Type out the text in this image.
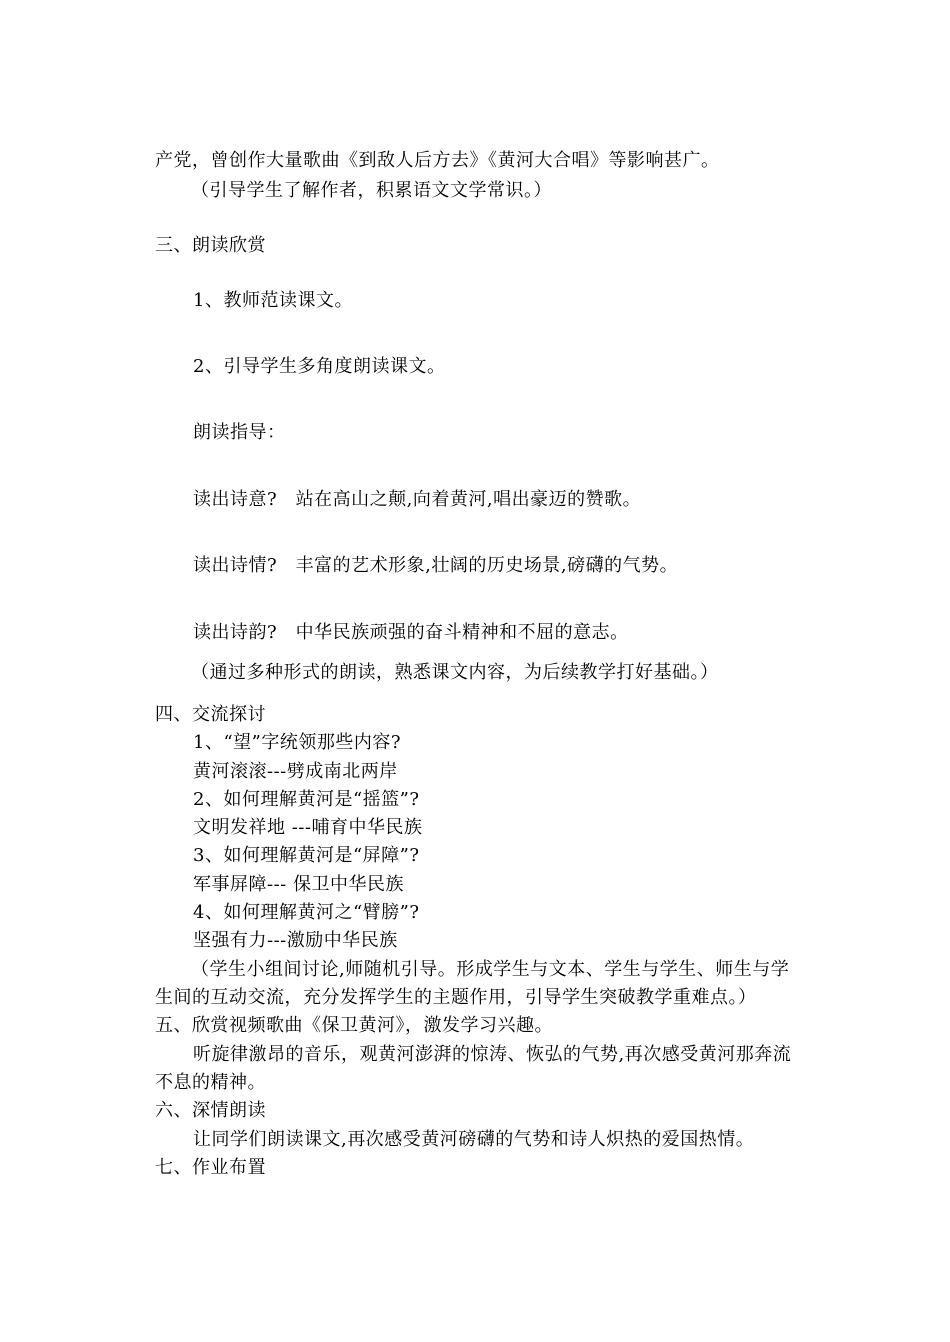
产党，曾创作大量歌曲《到敌人后方去》《黄河大合唱》等影响甚广。
（引导学生了解作者，积累语文文学常识。）
三、朗读欣赏
1、教师范读课文。
2、引导学生多角度朗读课文。
朗读指导：
读出诗意?　站在高山之颠,向着黄河,唱出豪迈的赞歌。
读出诗情?　丰富的艺术形象,壮阔的历史场景,磅礴的气势。
读出诗韵?　中华民族顽强的奋斗精神和不屈的意志。
（通过多种形式的朗读，熟悉课文内容，为后续教学打好基础。）
四、交流探讨
1、“望”字统领那些内容?
黄河滚滚---劈成南北两岸
2、如何理解黄河是“摇篮”?
文明发祥地 ---哺育中华民族
3、如何理解黄河是“屏障”?
军事屏障--- 保卫中华民族
4、如何理解黄河之“臂膀”?
坚强有力---激励中华民族
（学生小组间讨论,师随机引导。形成学生与文本、学生与学生、师生与学
生间的互动交流，充分发挥学生的主题作用，引导学生突破教学重难点。）
五、欣赏视频歌曲《保卫黄河》，激发学习兴趣。
听旋律激昂的音乐，观黄河澎湃的惊涛、恢弘的气势,再次感受黄河那奔流
不息的精神。
六、深情朗读
让同学们朗读课文,再次感受黄河磅礴的气势和诗人炽热的爱国热情。
七、作业布置
